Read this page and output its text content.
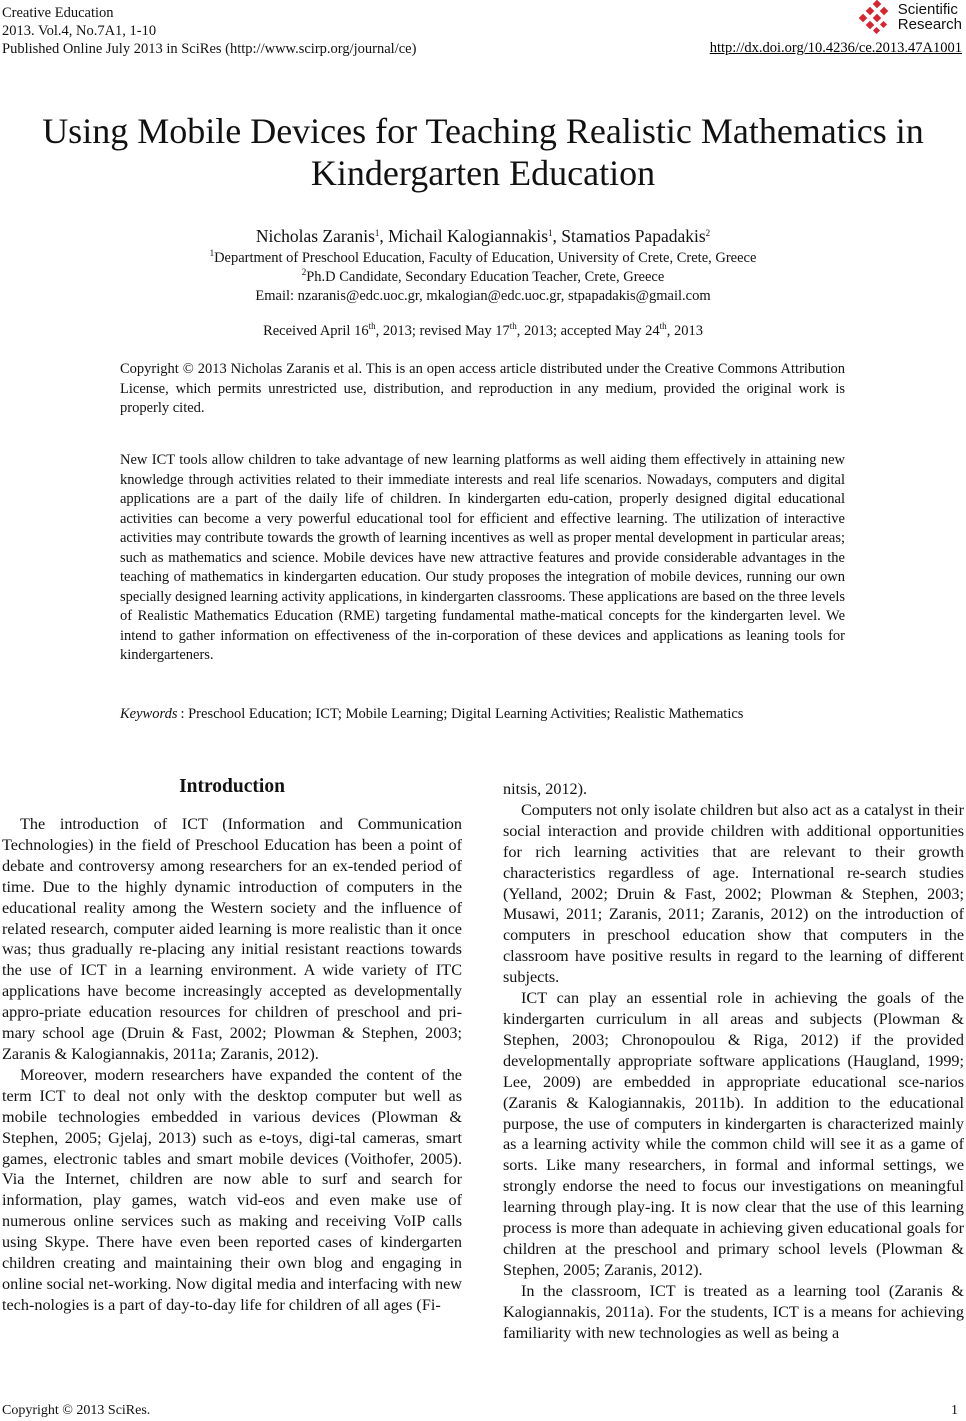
Creative Education
2013. Vol.4, No.7A1, 1-10
Published Online July 2013 in SciRes (http://www.scirp.org/journal/ce)
Scientific
Research
http://dx.doi.org/10.4236/ce.2013.47A1001
Using Mobile Devices for Teaching Realistic Mathematics in
Kindergarten Education
Nicholas Zaranis$^1$, Michail Kalogiannakis$^1$, Stamatios Papadakis$^2$
$^1$Department of Preschool Education, Faculty of Education, University of Crete, Crete, Greece
$^2$Ph.D Candidate, Secondary Education Teacher, Crete, Greece
Email: nzaranis@edc.uoc.gr, mkalogian@edc.uoc.gr, stpapadakis@gmail.com
Received April 16th, 2013; revised May 17th, 2013; accepted May 24th, 2013
Copyright © 2013 Nicholas Zaranis et al. This is an open access article distributed under the Creative Commons Attribution License, which permits unrestricted use, distribution, and reproduction in any medium, provided the original work is properly cited.
New ICT tools allow children to take advantage of new learning platforms as well aiding them effectively in attaining new knowledge through activities related to their immediate interests and real life scenarios. Nowadays, computers and digital applications are a part of the daily life of children. In kindergarten edu-cation, properly designed digital educational activities can become a very powerful educational tool for efficient and effective learning. The utilization of interactive activities may contribute towards the growth of learning incentives as well as proper mental development in particular areas; such as mathematics and science. Mobile devices have new attractive features and provide considerable advantages in the teaching of mathematics in kindergarten education. Our study proposes the integration of mobile devices, running our own specially designed learning activity applications, in kindergarten classrooms. These applications are based on the three levels of Realistic Mathematics Education (RME) targeting fundamental mathe-matical concepts for the kindergarten level. We intend to gather information on effectiveness of the in-corporation of these devices and applications as leaning tools for kindergarteners.
Keywords : Preschool Education; ICT; Mobile Learning; Digital Learning Activities; Realistic Mathematics
Introduction

The introduction of ICT (Information and Communication Technologies) in the field of Preschool Education has been a point of debate and controversy among researchers for an ex-tended period of time. Due to the highly dynamic introduction of computers in the educational reality among the Western society and the influence of related research, computer aided learning is more realistic than it once was; thus gradually re-placing any initial resistant reactions towards the use of ICT in a learning environment. A wide variety of ITC applications have become increasingly accepted as developmentally appro-priate education resources for children of preschool and pri-mary school age (Druin & Fast, 2002; Plowman & Stephen, 2003; Zaranis & Kalogiannakis, 2011a; Zaranis, 2012).

Moreover, modern researchers have expanded the content of the term ICT to deal not only with the desktop computer but well as mobile technologies embedded in various devices (Plowman & Stephen, 2005; Gjelaj, 2013) such as e-toys, digi-tal cameras, smart games, electronic tables and smart mobile devices (Voithofer, 2005). Via the Internet, children are now able to surf and search for information, play games, watch vid-eos and even make use of numerous online services such as making and receiving VoIP calls using Skype. There have even been reported cases of kindergarten children creating and maintaining their own blog and engaging in online social net-working. Now digital media and interfacing with new tech-nologies is a part of day-to-day life for children of all ages (Fi-

nitsis, 2012).

Computers not only isolate children but also act as a catalyst in their social interaction and provide children with additional opportunities for rich learning activities that are relevant to their growth characteristics regardless of age. International re-search studies (Yelland, 2002; Druin & Fast, 2002; Plowman & Stephen, 2003; Musawi, 2011; Zaranis, 2011; Zaranis, 2012) on the introduction of computers in preschool education show that computers in the classroom have positive results in regard to the learning of different subjects.

ICT can play an essential role in achieving the goals of the kindergarten curriculum in all areas and subjects (Plowman & Stephen, 2003; Chronopoulou & Riga, 2012) if the provided developmentally appropriate software applications (Haugland, 1999; Lee, 2009) are embedded in appropriate educational sce-narios (Zaranis & Kalogiannakis, 2011b). In addition to the educational purpose, the use of computers in kindergarten is characterized mainly as a learning activity while the common child will see it as a game of sorts. Like many researchers, in formal and informal settings, we strongly endorse the need to focus our investigations on meaningful learning through play-ing. It is now clear that the use of this learning process is more than adequate in achieving given educational goals for children at the preschool and primary school levels (Plowman & Stephen, 2005; Zaranis, 2012).

In the classroom, ICT is treated as a learning tool (Zaranis & Kalogiannakis, 2011a). For the students, ICT is a means for achieving familiarity with new technologies as well as being a

Copyright © 2013 SciRes.	1
